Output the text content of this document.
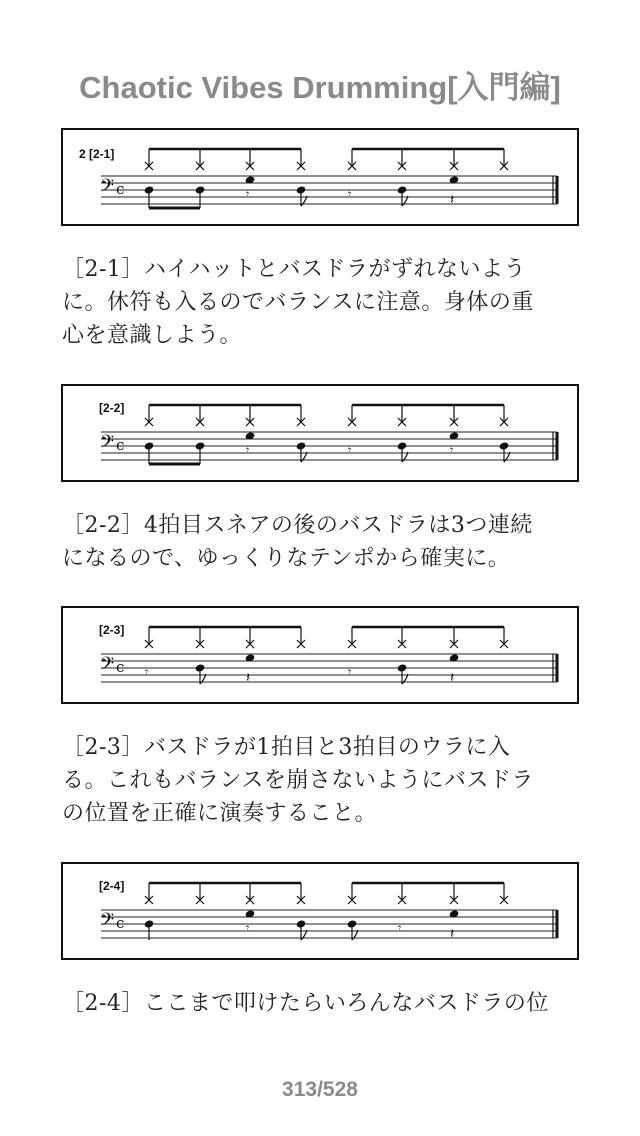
Chaotic Vibes Drumming[入門編]
2 [2-1]
𝄢 c	𝄾	𝄾	𝄽
［2-1］ハイハットとバスドラがずれないよう
に。休符も入るのでバランスに注意。身体の重
心を意識しよう。
[2-2]
𝄢 c	𝄾	𝄾	𝄾
［2-2］4拍目スネアの後のバスドラは3つ連続
になるので、ゆっくりなテンポから確実に。
[2-3]
𝄢 c 𝄾	𝄽	𝄾	𝄽
［2-3］バスドラが1拍目と3拍目のウラに入
る。これもバランスを崩さないようにバスドラ
の位置を正確に演奏すること。
[2-4]
𝄢 c	𝄾	𝄾	𝄽
［2-4］ここまで叩けたらいろんなバスドラの位
313/528
